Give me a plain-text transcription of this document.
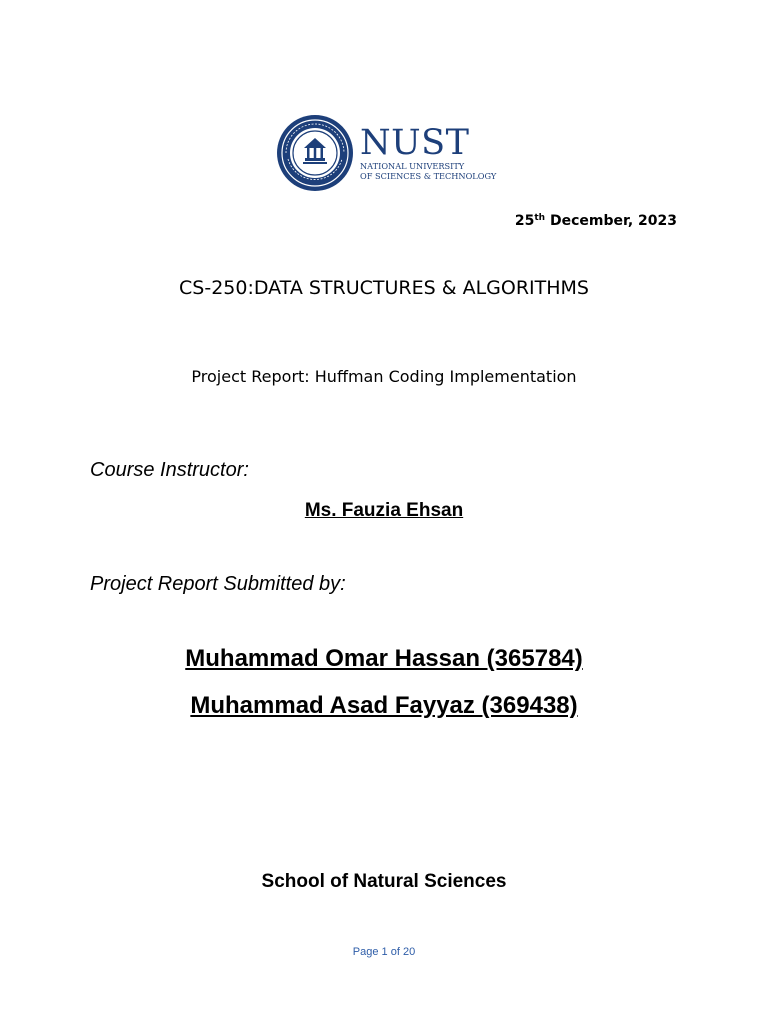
NUST
NATIONAL UNIVERSITY
OF SCIENCES & TECHNOLOGY
25th December, 2023
CS-250:DATA STRUCTURES & ALGORITHMS
Project Report: Huffman Coding Implementation
Course Instructor:
Ms. Fauzia Ehsan
Project Report Submitted by:
Muhammad Omar Hassan (365784)
Muhammad Asad Fayyaz (369438)
School of Natural Sciences
Page 1 of 20
